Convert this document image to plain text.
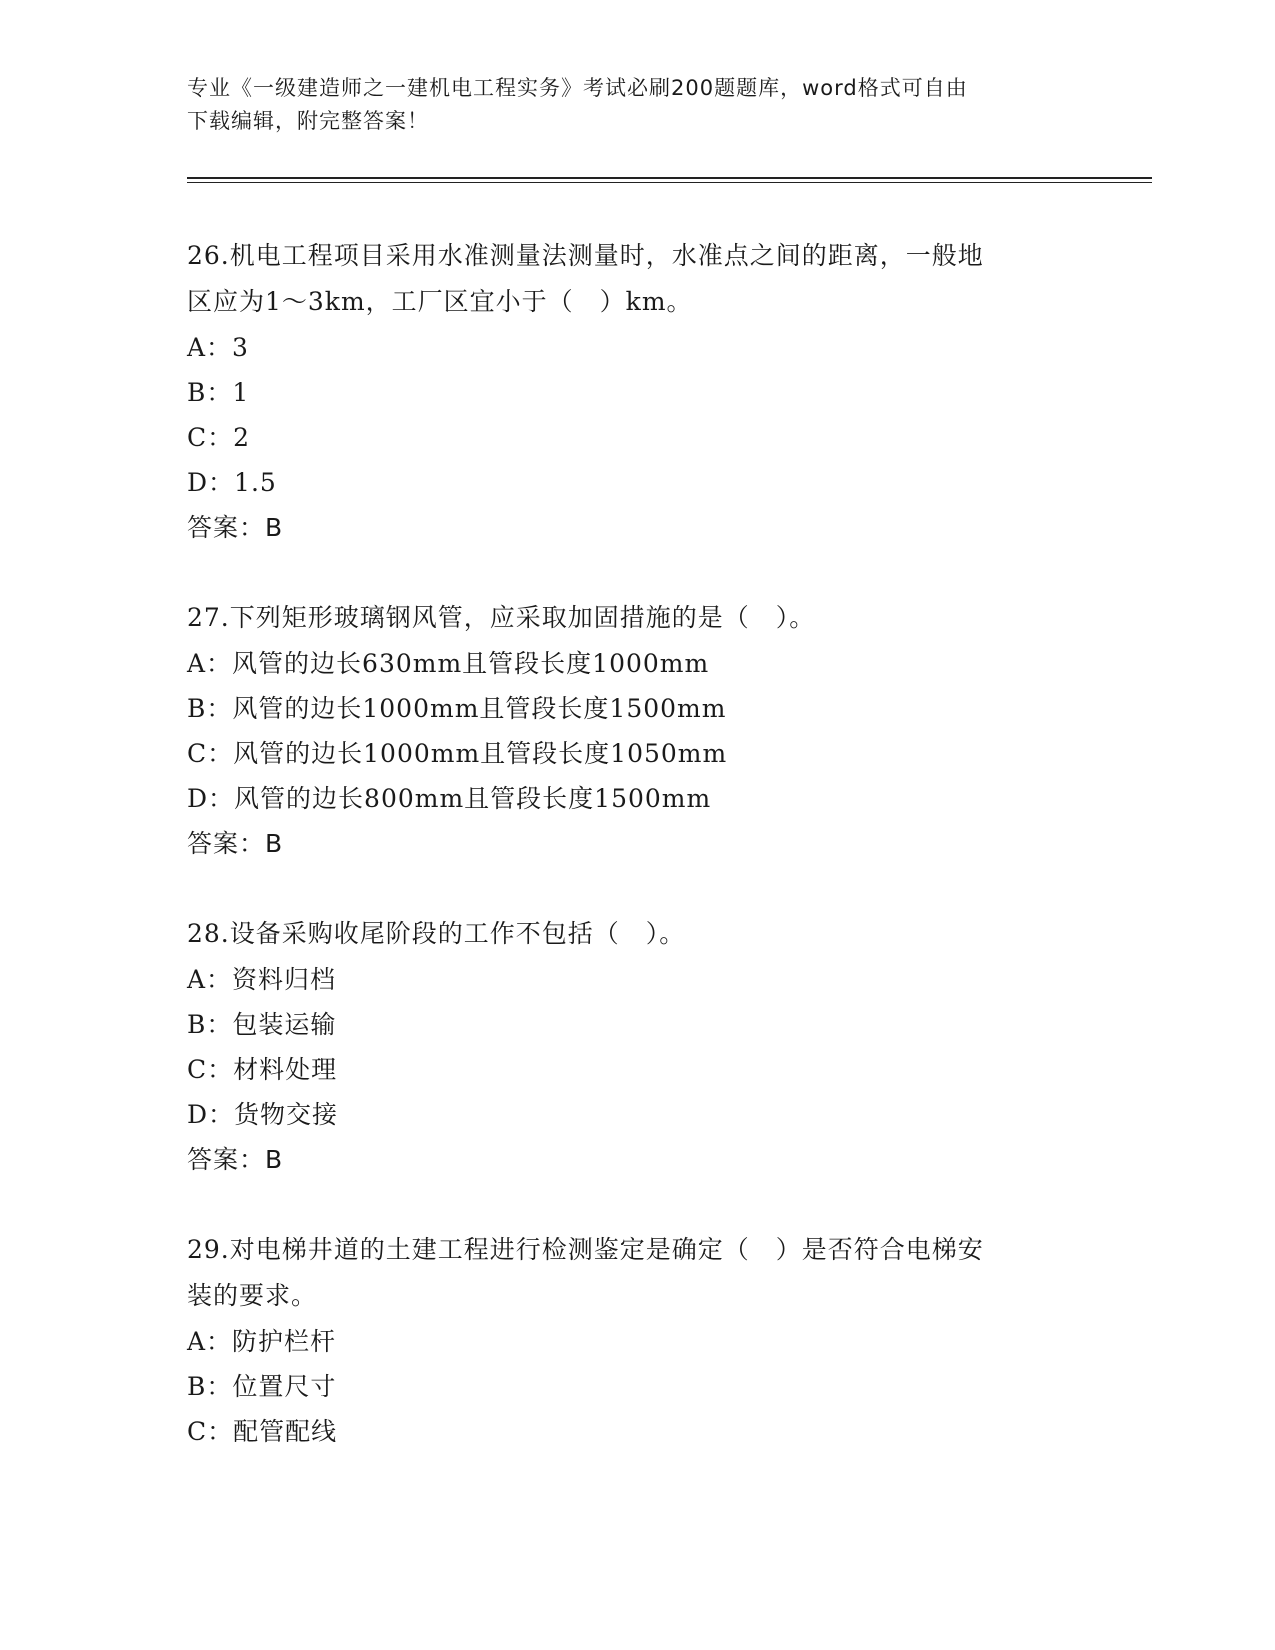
专业《一级建造师之一建机电工程实务》考试必刷200题题库，word格式可自由
下载编辑，附完整答案！
26.机电工程项目采用水准测量法测量时，水准点之间的距离，一般地
区应为1～3km，工厂区宜小于（　）km。
A：3
B：1
C：2
D：1.5
答案：B
27.下列矩形玻璃钢风管，应采取加固措施的是（　）。
A：风管的边长630mm且管段长度1000mm
B：风管的边长1000mm且管段长度1500mm
C：风管的边长1000mm且管段长度1050mm
D：风管的边长800mm且管段长度1500mm
答案：B
28.设备采购收尾阶段的工作不包括（　）。
A：资料归档
B：包装运输
C：材料处理
D：货物交接
答案：B
29.对电梯井道的土建工程进行检测鉴定是确定（　）是否符合电梯安
装的要求。
A：防护栏杆
B：位置尺寸
C：配管配线
